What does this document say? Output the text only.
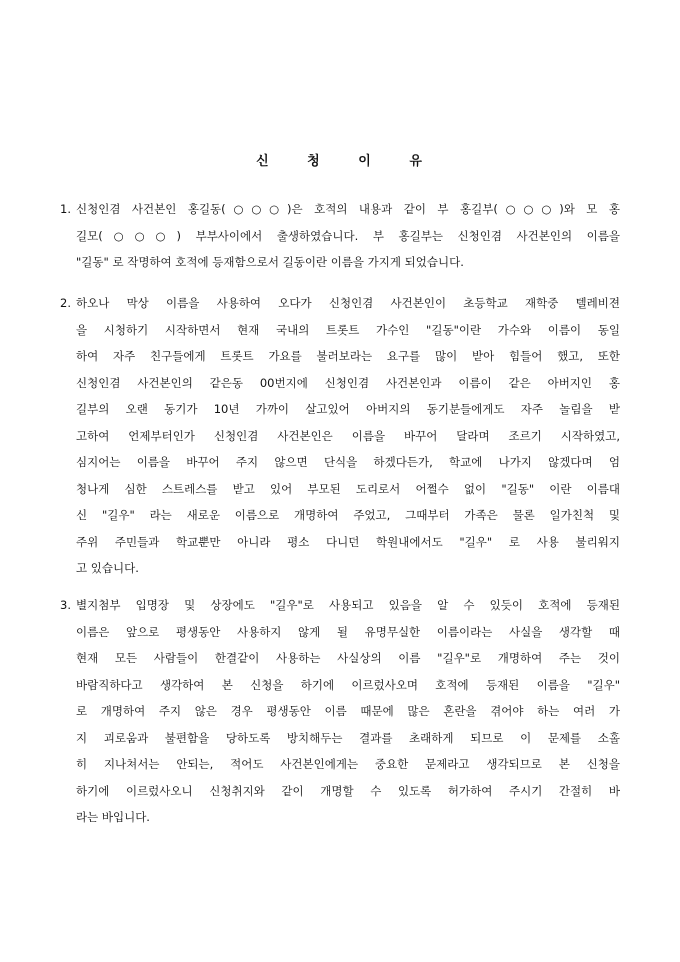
신 청 이 유
1. 신청인겸 사건본인 홍길동(○○○)은 호적의 내용과 같이 부 홍길부(○○○)와 모 홍
길모(○○○) 부부사이에서 출생하였습니다. 부 홍길부는 신청인겸 사건본인의 이름을
"길동" 로 작명하여 호적에 등재함으로서 길동이란 이름을 가지게 되었습니다.
2. 하오나 막상 이름을 사용하여 오다가 신청인겸 사건본인이 초등학교 재학중 텔레비젼
을 시청하기 시작하면서 현재 국내의 트롯트 가수인 "길동"이란 가수와 이름이 동일
하여 자주 친구들에게 트롯트 가요를 불러보라는 요구를 많이 받아 힘들어 했고, 또한
신청인겸 사건본인의 같은동 00번지에 신청인겸 사건본인과 이름이 같은 아버지인 홍
길부의 오랜 동기가 10년 가까이 살고있어 아버지의 동기분들에게도 자주 놀림을 받
고하여 언제부터인가 신청인겸 사건본인은 이름을 바꾸어 달라며 조르기 시작하였고,
심지어는 이름을 바꾸어 주지 않으면 단식을 하겠다든가, 학교에 나가지 않겠다며 엄
청나게 심한 스트레스를 받고 있어 부모된 도리로서 어쩔수 없이 "길동" 이란 이름대
신 "길우" 라는 새로운 이름으로 개명하여 주었고, 그때부터 가족은 물론 일가친척 및
주위 주민들과 학교뿐만 아니라 평소 다니던 학원내에서도 "길우" 로 사용 불리워지
고 있습니다.
3. 별지첨부 입명장 및 상장에도 "길우"로 사용되고 있음을 알 수 있듯이 호적에 등재된
이름은 앞으로 평생동안 사용하지 않게 될 유명무실한 이름이라는 사실을 생각할 때
현재 모든 사람들이 한결같이 사용하는 사실상의 이름 "길우"로 개명하여 주는 것이
바람직하다고 생각하여 본 신청을 하기에 이르렀사오며 호적에 등재된 이름을 "길우"
로 개명하여 주지 않은 경우 평생동안 이름 때문에 많은 혼란을 겪어야 하는 여러 가
지 괴로움과 불편함을 당하도록 방치해두는 결과를 초래하게 되므로 이 문제를 소홀
히 지나쳐서는 안되는, 적어도 사건본인에게는 중요한 문제라고 생각되므로 본 신청을
하기에 이르렀사오니 신청취지와 같이 개명할 수 있도록 허가하여 주시기 간절히 바
라는 바입니다.
